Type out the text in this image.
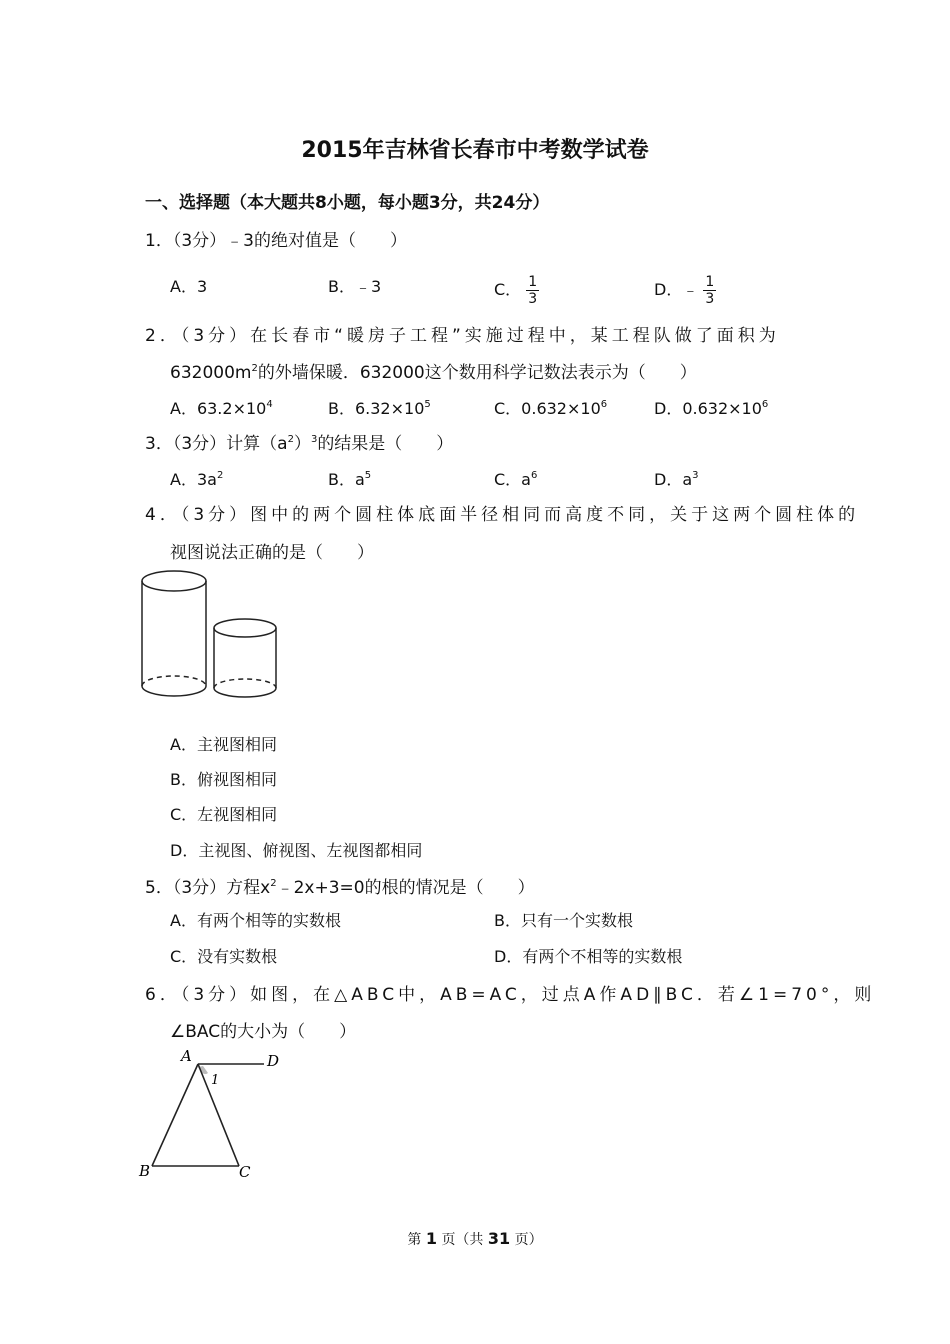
2015年吉林省长春市中考数学试卷
一、选择题（本大题共8小题，每小题3分，共24分）
1．（3分）﹣3的绝对值是（　　）
A．3	B．﹣3	C． $\frac{1}{3}$	D．﹣ $\frac{1}{3}$
2．（3分）在长春市“暖房子工程”实施过程中，某工程队做了面积为
$632000m^2$的外墙保暖．632000这个数用科学记数法表示为（　　）
A．$63.2\times 10^4$	B．$6.32\times 10^5$	C．$0.632\times 10^6$	D．$0.632\times 10^6$
3．（3分）计算$(a^2)^3$的结果是（　　）
A．$3a^2$	B．$a^5$	C．$a^6$	D．$a^3$
4．（3分）图中的两个圆柱体底面半径相同而高度不同，关于这两个圆柱体的
视图说法正确的是（　　）
A．主视图相同
B．俯视图相同
C．左视图相同
D．主视图、俯视图、左视图都相同
5．（3分）方程$x^2﹣2x+3=0$的根的情况是（　　）
A．有两个相等的实数根	B．只有一个实数根
C．没有实数根	D．有两个不相等的实数根
6．（3分）如图，在△ABC中，AB=AC，过点A作AD∥BC．若∠1=70°，则
∠BAC的大小为（　　）
A	D
B	C
1
第 1 页（共 31 页）
